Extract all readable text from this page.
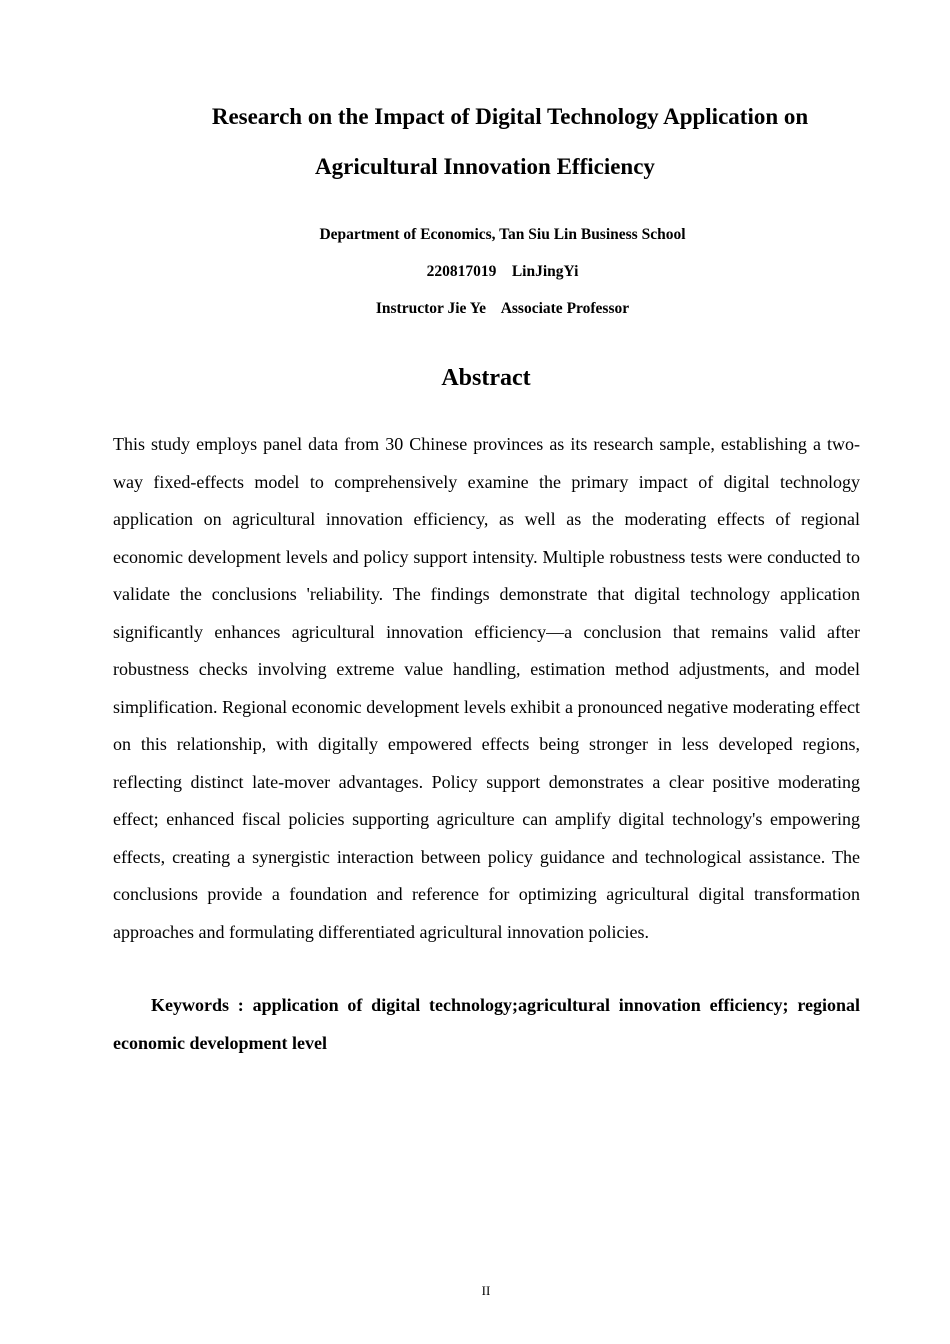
Research on the Impact of Digital Technology Application on
Agricultural Innovation Efficiency
Department of Economics, Tan Siu Lin Business School
220817019    LinJingYi
Instructor Jie Ye    Associate Professor
Abstract

This study employs panel data from 30 Chinese provinces as its research sample, establishing a two-way fixed-effects model to comprehensively examine the primary impact of digital technology application on agricultural innovation efficiency, as well as the moderating effects of regional economic development levels and policy support intensity. Multiple robustness tests were conducted to validate the conclusions 'reliability. The findings demonstrate that digital technology application significantly enhances agricultural innovation efficiency—a conclusion that remains valid after robustness checks involving extreme value handling, estimation method adjustments, and model simplification. Regional economic development levels exhibit a pronounced negative moderating effect on this relationship, with digitally empowered effects being stronger in less developed regions, reflecting distinct late-mover advantages. Policy support demonstrates a clear positive moderating effect; enhanced fiscal policies supporting agriculture can amplify digital technology's empowering effects, creating a synergistic interaction between policy guidance and technological assistance. The conclusions provide a foundation and reference for optimizing agricultural digital transformation approaches and formulating differentiated agricultural innovation policies.

Keywords : application of digital technology;agricultural innovation efficiency; regional economic development level

II
